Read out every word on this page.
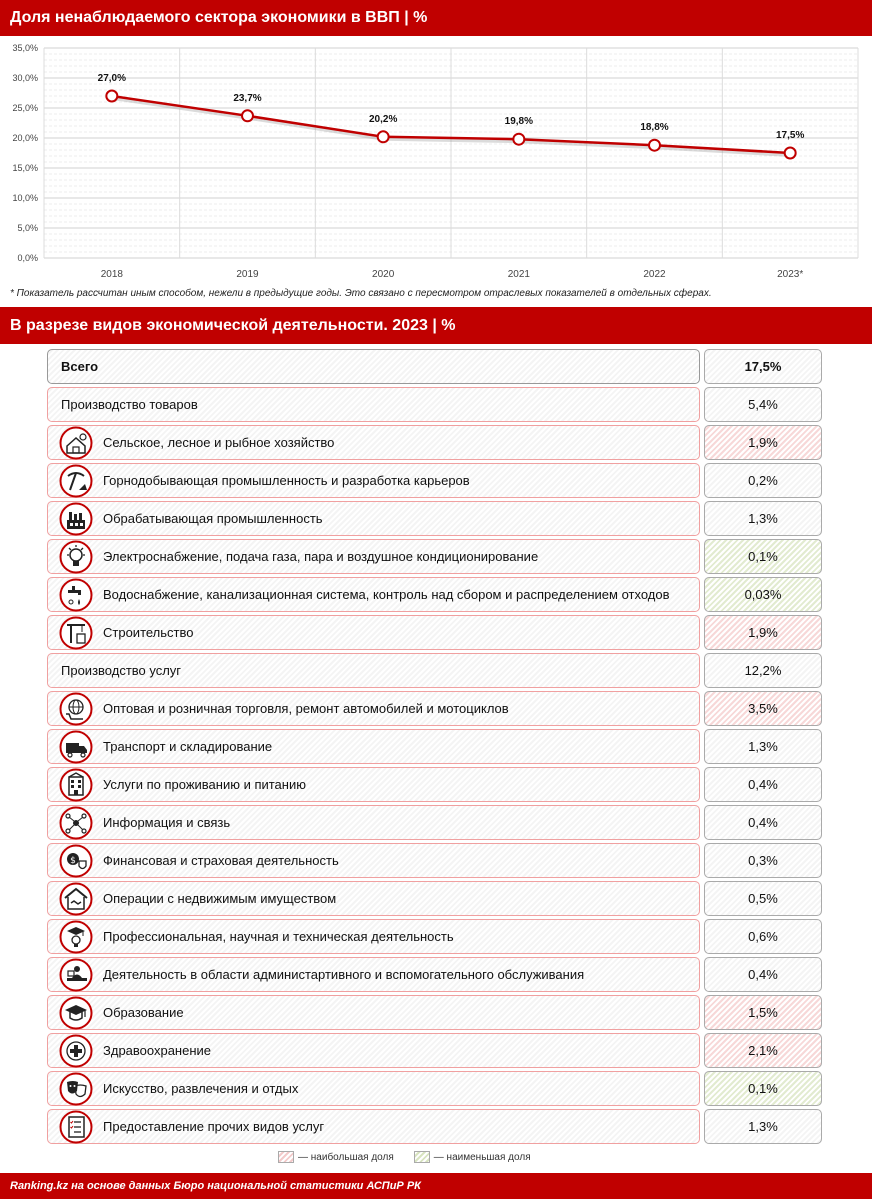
Доля ненаблюдаемого сектора экономики в ВВП | %
0,0%
5,0%
10,0%
15,0%
20,0%
25,0%
30,0%
35,0%
2018	2019	2020	2021	2022	2023*
27,0%
23,7%
20,2%	19,8%
18,8%
17,5%
* Показатель рассчитан иным способом, нежели в предыдущие годы. Это связано с пересмотром отраслевых показателей в отдельных сферах.
В разрезе видов экономической деятельности. 2023 | %
Всего	17,5%
Производство товаров	5,4%
Сельское, лесное и рыбное хозяйство	1,9%
Горнодобывающая промышленность и разработка карьеров	0,2%
Обрабатывающая промышленность	1,3%
Электроснабжение, подача газа, пара и воздушное кондиционирование	0,1%
Водоснабжение, канализационная система, контроль над сбором и распределением отходов	0,03%
Строительство	1,9%
Производство услуг	12,2%
Оптовая и розничная торговля, ремонт автомобилей и мотоциклов	3,5%
Транспорт и складирование	1,3%
Услуги по проживанию и питанию	0,4%
Информация и связь	0,4%
Финансовая и страховая деятельность	0,3%
$
Операции с недвижимым имуществом	0,5%
Профессиональная, научная и техническая деятельность	0,6%
Деятельность в области администартивного и вспомогательного обслуживания	0,4%
Образование	1,5%
Здравоохранение	2,1%
Искусство, развлечения и отдых	0,1%
Предоставление прочих видов услуг	1,3%
— наибольшая доля	— наименьшая доля
Ranking.kz на основе данных Бюро национальной статистики АСПиР РК
